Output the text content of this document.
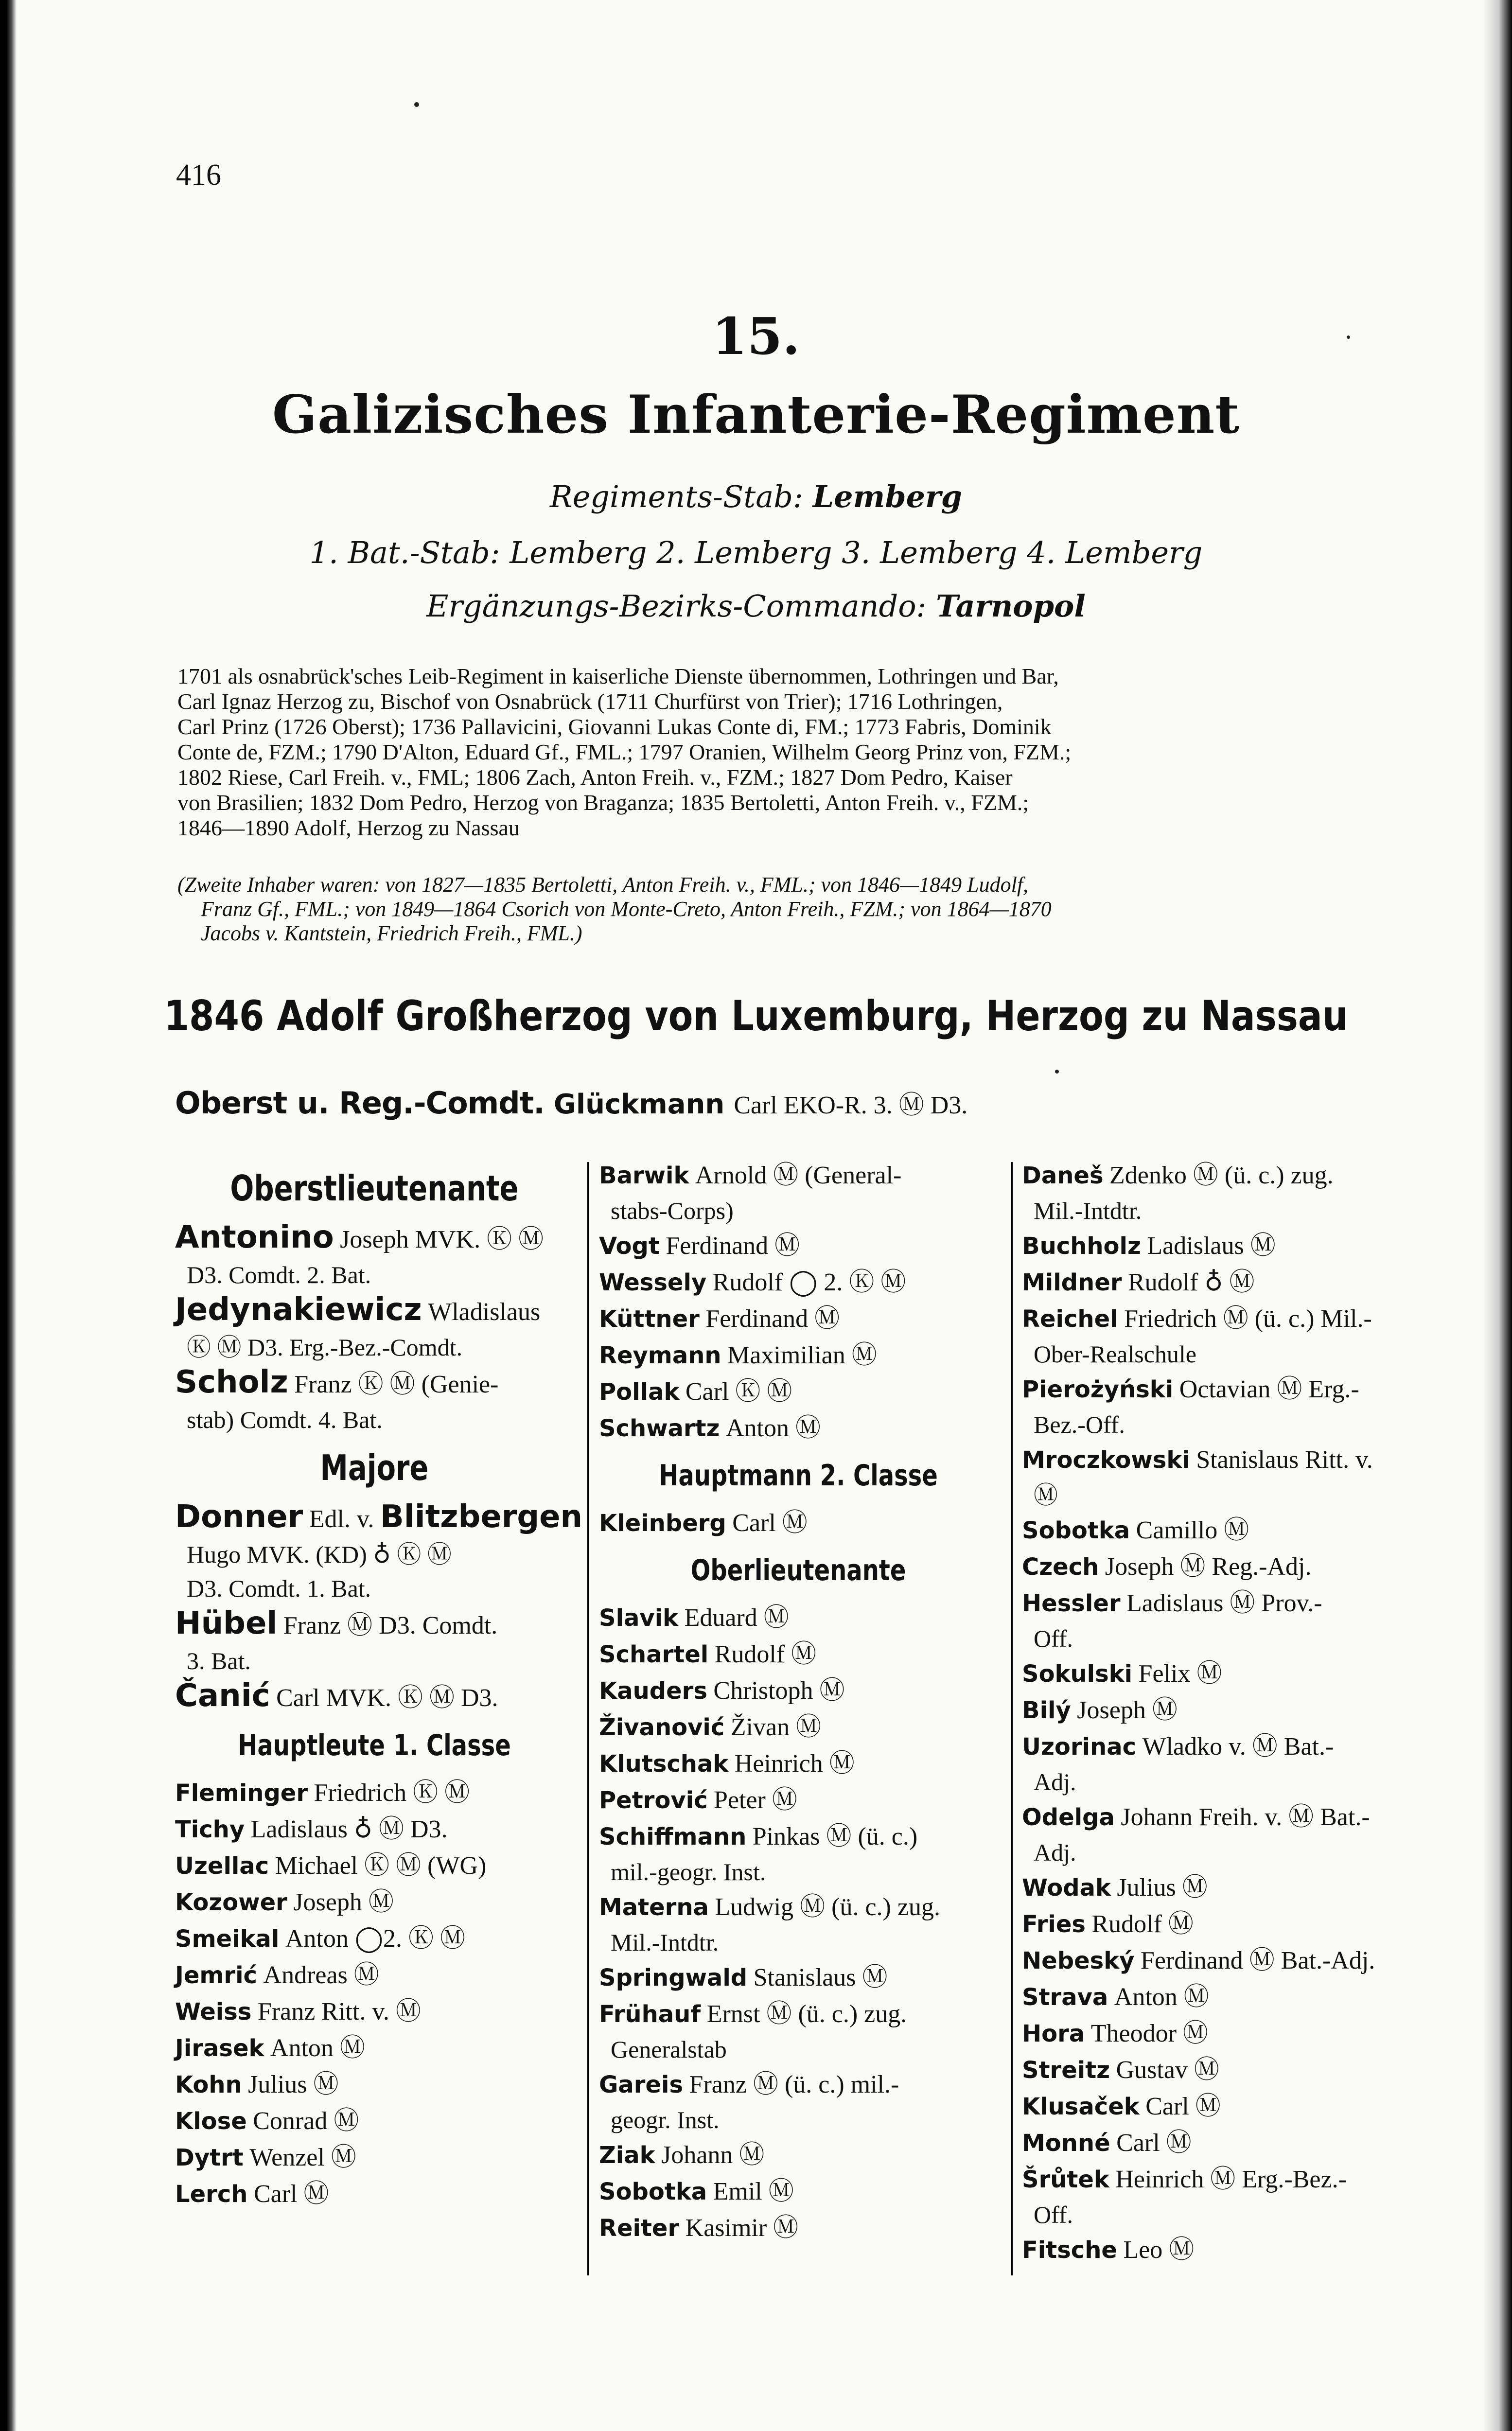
416
15.
Galizisches Infanterie-Regiment
Regiments-Stab: Lemberg
1. Bat.-Stab: Lemberg 2. Lemberg 3. Lemberg 4. Lemberg
Ergänzungs-Bezirks-Commando: Tarnopol
1701 als osnabrück'sches Leib-Regiment in kaiserliche Dienste übernommen, Lothringen und Bar,
Carl Ignaz Herzog zu, Bischof von Osnabrück (1711 Churfürst von Trier); 1716 Lothringen,
Carl Prinz (1726 Oberst); 1736 Pallavicini, Giovanni Lukas Conte di, FM.; 1773 Fabris, Dominik
Conte de, FZM.; 1790 D'Alton, Eduard Gf., FML.; 1797 Oranien, Wilhelm Georg Prinz von, FZM.;
1802 Riese, Carl Freih. v., FML; 1806 Zach, Anton Freih. v., FZM.; 1827 Dom Pedro, Kaiser
von Brasilien; 1832 Dom Pedro, Herzog von Braganza; 1835 Bertoletti, Anton Freih. v., FZM.;
1846—1890 Adolf, Herzog zu Nassau
(Zweite Inhaber waren: von 1827—1835 Bertoletti, Anton Freih. v., FML.; von 1846—1849 Ludolf,
Franz Gf., FML.; von 1849—1864 Csorich von Monte-Creto, Anton Freih., FZM.; von 1864—1870
Jacobs v. Kantstein, Friedrich Freih., FML.)
1846 Adolf Großherzog von Luxemburg, Herzog zu Nassau
Oberst u. Reg.-Comdt. Glückmann Carl EKO-R. 3. Ⓜ D3.
Oberstlieutenante
Antonino Joseph MVK. Ⓚ Ⓜ
D3. Comdt. 2. Bat.
Jedynakiewicz Wladislaus
Ⓚ Ⓜ D3. Erg.-Bez.-Comdt.
Scholz Franz Ⓚ Ⓜ (Genie-
stab) Comdt. 4. Bat.
Majore
Donner Edl. v. Blitzbergen
Hugo MVK. (KD) ♁ Ⓚ Ⓜ
D3. Comdt. 1. Bat.
Hübel Franz Ⓜ D3. Comdt.
3. Bat.
Čanić Carl MVK. Ⓚ Ⓜ D3.
Hauptleute 1. Classe
Fleminger Friedrich Ⓚ Ⓜ
Tichy Ladislaus ♁ Ⓜ D3.
Uzellac Michael Ⓚ Ⓜ (WG)
Kozower Joseph Ⓜ
Smeikal Anton ◯2. Ⓚ Ⓜ
Jemrić Andreas Ⓜ
Weiss Franz Ritt. v. Ⓜ
Jirasek Anton Ⓜ
Kohn Julius Ⓜ
Klose Conrad Ⓜ
Dytrt Wenzel Ⓜ
Lerch Carl Ⓜ
Barwik Arnold Ⓜ (General-
stabs-Corps)
Vogt Ferdinand Ⓜ
Wessely Rudolf ◯ 2. Ⓚ Ⓜ
Küttner Ferdinand Ⓜ
Reymann Maximilian Ⓜ
Pollak Carl Ⓚ Ⓜ
Schwartz Anton Ⓜ
Hauptmann 2. Classe
Kleinberg Carl Ⓜ
Oberlieutenante
Slavik Eduard Ⓜ
Schartel Rudolf Ⓜ
Kauders Christoph Ⓜ
Živanović Živan Ⓜ
Klutschak Heinrich Ⓜ
Petrović Peter Ⓜ
Schiffmann Pinkas Ⓜ (ü. c.)
mil.-geogr. Inst.
Materna Ludwig Ⓜ (ü. c.) zug.
Mil.-Intdtr.
Springwald Stanislaus Ⓜ
Frühauf Ernst Ⓜ (ü. c.) zug.
Generalstab
Gareis Franz Ⓜ (ü. c.) mil.-
geogr. Inst.
Ziak Johann Ⓜ
Sobotka Emil Ⓜ
Reiter Kasimir Ⓜ
Daneš Zdenko Ⓜ (ü. c.) zug.
Mil.-Intdtr.
Buchholz Ladislaus Ⓜ
Mildner Rudolf ♁ Ⓜ
Reichel Friedrich Ⓜ (ü. c.) Mil.-
Ober-Realschule
Pierożyński Octavian Ⓜ Erg.-
Bez.-Off.
Mroczkowski Stanislaus Ritt. v.
Ⓜ
Sobotka Camillo Ⓜ
Czech Joseph Ⓜ Reg.-Adj.
Hessler Ladislaus Ⓜ Prov.-
Off.
Sokulski Felix Ⓜ
Bilý Joseph Ⓜ
Uzorinac Wladko v. Ⓜ Bat.-
Adj.
Odelga Johann Freih. v. Ⓜ Bat.-
Adj.
Wodak Julius Ⓜ
Fries Rudolf Ⓜ
Nebeský Ferdinand Ⓜ Bat.-Adj.
Strava Anton Ⓜ
Hora Theodor Ⓜ
Streitz Gustav Ⓜ
Klusaček Carl Ⓜ
Monné Carl Ⓜ
Šrůtek Heinrich Ⓜ Erg.-Bez.-
Off.
Fitsche Leo Ⓜ
